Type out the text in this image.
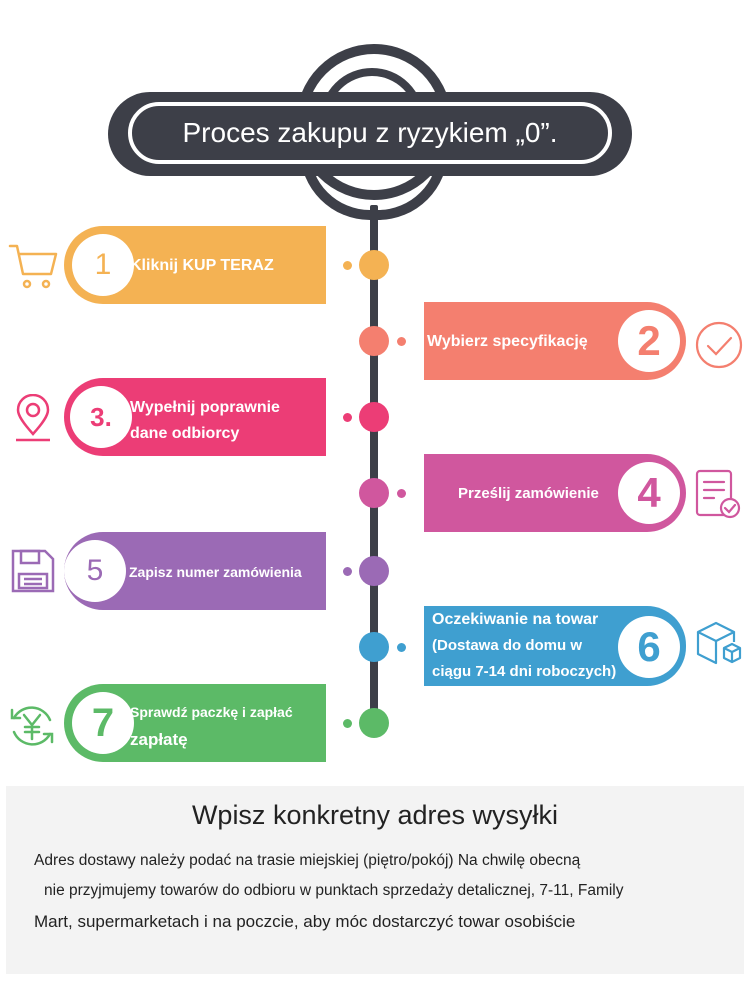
Proces zakupu z ryzykiem „0”.
1 Kliknij KUP TERAZ
Wybierz specyfikację 2
3. Wypełnij poprawnie
dane odbiorcy
Prześlij zamówienie 4
5 Zapisz numer zamówienia
Oczekiwanie na towar
(Dostawa do domu w
ciągu 7-14 dni roboczych)
6
7 Sprawdź paczkę i zapłać
zapłatę
Wpisz konkretny adres wysyłki
Adres dostawy należy podać na trasie miejskiej (piętro/pokój) Na chwilę obecną
nie przyjmujemy towarów do odbioru w punktach sprzedaży detalicznej, 7-11, Family
Mart, supermarketach i na poczcie, aby móc dostarczyć towar osobiście
